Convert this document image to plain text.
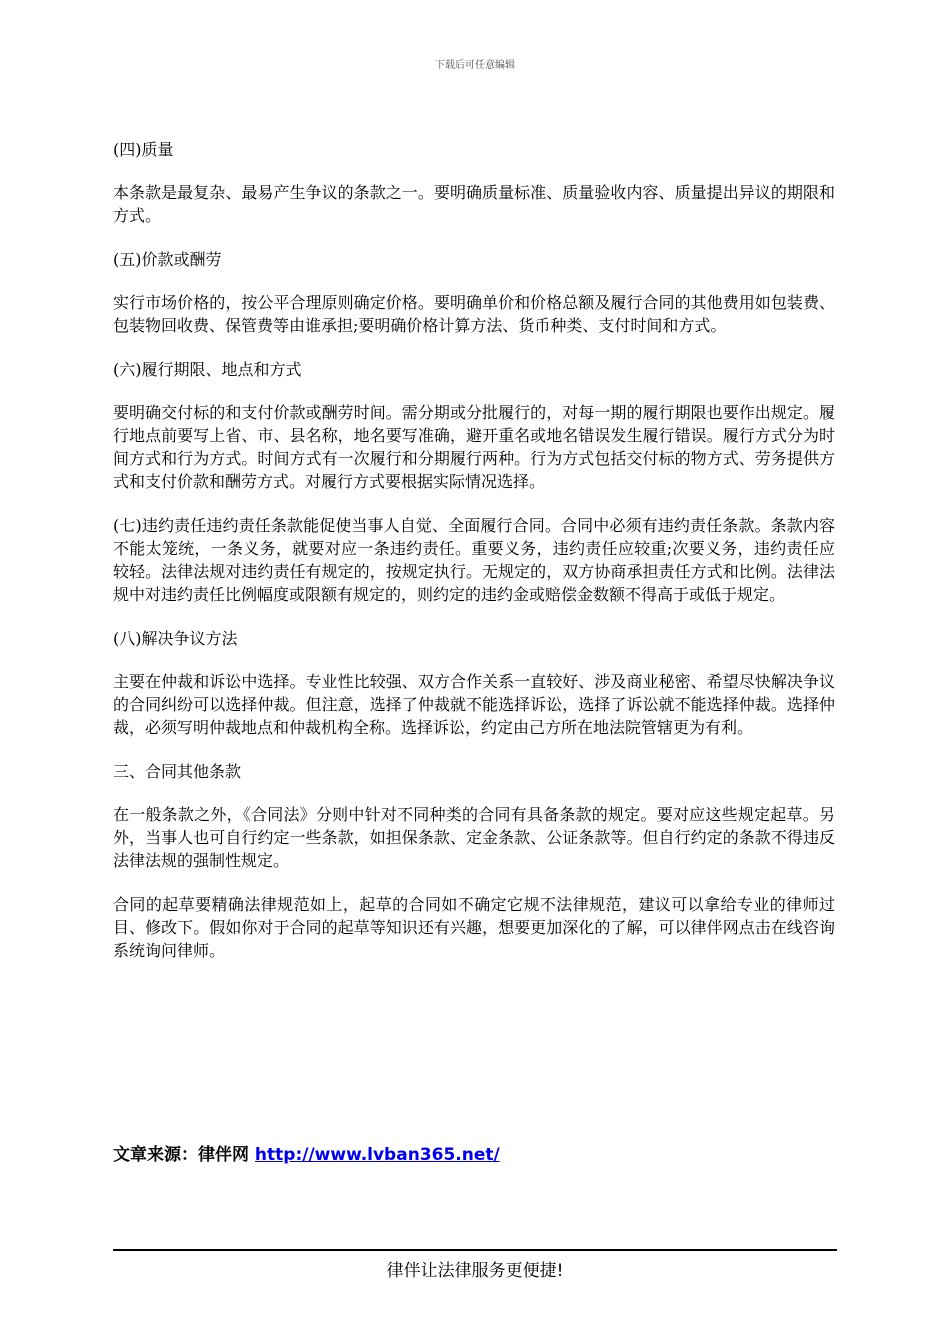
下载后可任意编辑

(四)质量

本条款是最复杂、最易产生争议的条款之一。要明确质量标准、质量验收内容、质量提出异议的期限和方式。

(五)价款或酬劳

实行市场价格的，按公平合理原则确定价格。要明确单价和价格总额及履行合同的其他费用如包装费、包装物回收费、保管费等由谁承担;要明确价格计算方法、货币种类、支付时间和方式。

(六)履行期限、地点和方式

要明确交付标的和支付价款或酬劳时间。需分期或分批履行的，对每一期的履行期限也要作出规定。履行地点前要写上省、市、县名称，地名要写准确，避开重名或地名错误发生履行错误。履行方式分为时间方式和行为方式。时间方式有一次履行和分期履行两种。行为方式包括交付标的物方式、劳务提供方式和支付价款和酬劳方式。对履行方式要根据实际情况选择。

(七)违约责任违约责任条款能促使当事人自觉、全面履行合同。合同中必须有违约责任条款。条款内容不能太笼统，一条义务，就要对应一条违约责任。重要义务，违约责任应较重;次要义务，违约责任应较轻。法律法规对违约责任有规定的，按规定执行。无规定的，双方协商承担责任方式和比例。法律法规中对违约责任比例幅度或限额有规定的，则约定的违约金或赔偿金数额不得高于或低于规定。

(八)解决争议方法

主要在仲裁和诉讼中选择。专业性比较强、双方合作关系一直较好、涉及商业秘密、希望尽快解决争议的合同纠纷可以选择仲裁。但注意，选择了仲裁就不能选择诉讼，选择了诉讼就不能选择仲裁。选择仲裁，必须写明仲裁地点和仲裁机构全称。选择诉讼，约定由己方所在地法院管辖更为有利。

三、合同其他条款

在一般条款之外，《合同法》分则中针对不同种类的合同有具备条款的规定。要对应这些规定起草。另外，当事人也可自行约定一些条款，如担保条款、定金条款、公证条款等。但自行约定的条款不得违反法律法规的强制性规定。

合同的起草要精确法律规范如上，起草的合同如不确定它规不法律规范，建议可以拿给专业的律师过目、修改下。假如你对于合同的起草等知识还有兴趣，想要更加深化的了解，可以律伴网点击在线咨询系统询问律师。

文章来源：律伴网 http://www.lvban365.net/
律伴让法律服务更便捷!
